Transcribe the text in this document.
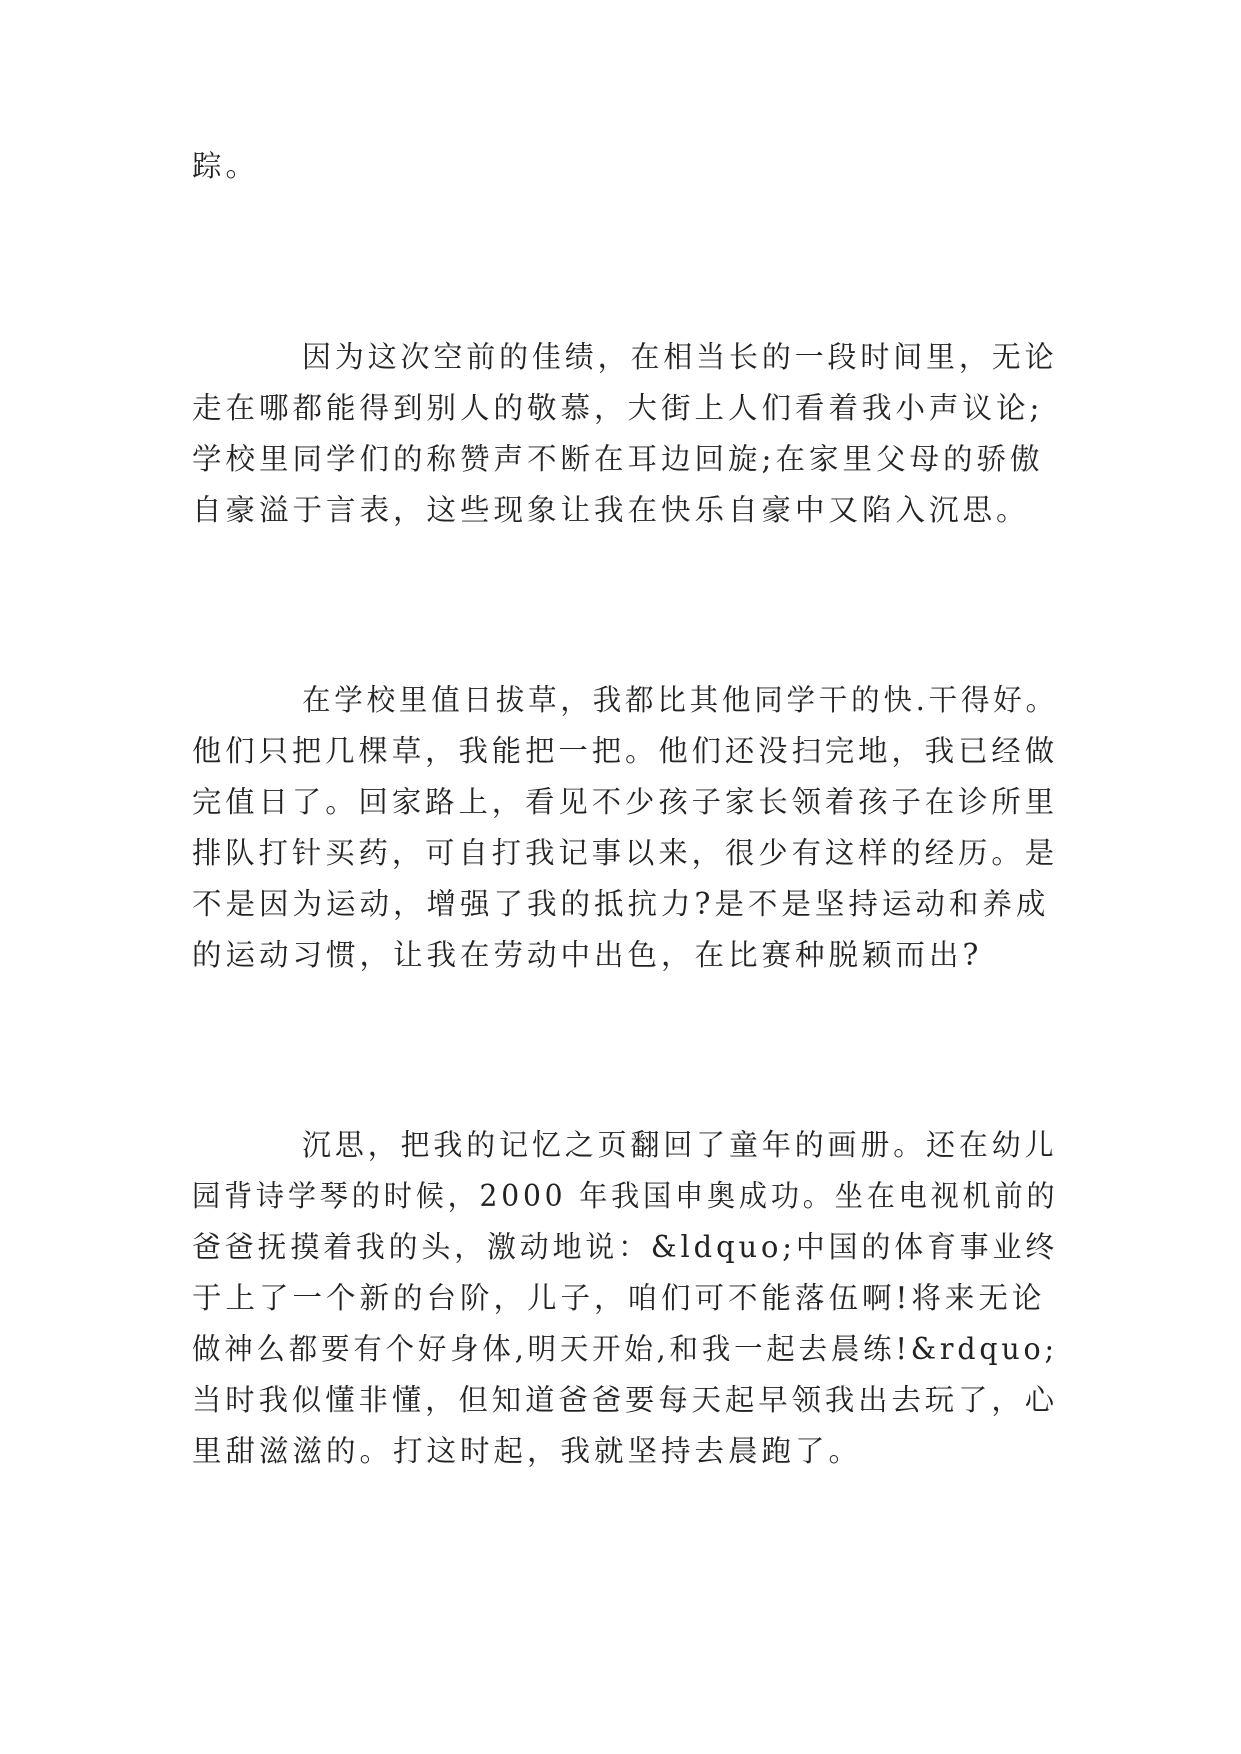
踪。
因为这次空前的佳绩，在相当长的一段时间里，无论
走在哪都能得到别人的敬慕，大街上人们看着我小声议论;
学校里同学们的称赞声不断在耳边回旋;在家里父母的骄傲
自豪溢于言表，这些现象让我在快乐自豪中又陷入沉思。
在学校里值日拔草，我都比其他同学干的快.干得好。
他们只把几棵草，我能把一把。他们还没扫完地，我已经做
完值日了。回家路上，看见不少孩子家长领着孩子在诊所里
排队打针买药，可自打我记事以来，很少有这样的经历。是
不是因为运动，增强了我的抵抗力?是不是坚持运动和养成
的运动习惯，让我在劳动中出色，在比赛种脱颖而出?
沉思，把我的记忆之页翻回了童年的画册。还在幼儿
园背诗学琴的时候，2000 年我国申奥成功。坐在电视机前的
爸爸抚摸着我的头，激动地说：&ldquo;中国的体育事业终
于上了一个新的台阶，儿子，咱们可不能落伍啊!将来无论
做神么都要有个好身体,明天开始,和我一起去晨练!&rdquo;
当时我似懂非懂，但知道爸爸要每天起早领我出去玩了，心
里甜滋滋的。打这时起，我就坚持去晨跑了。
